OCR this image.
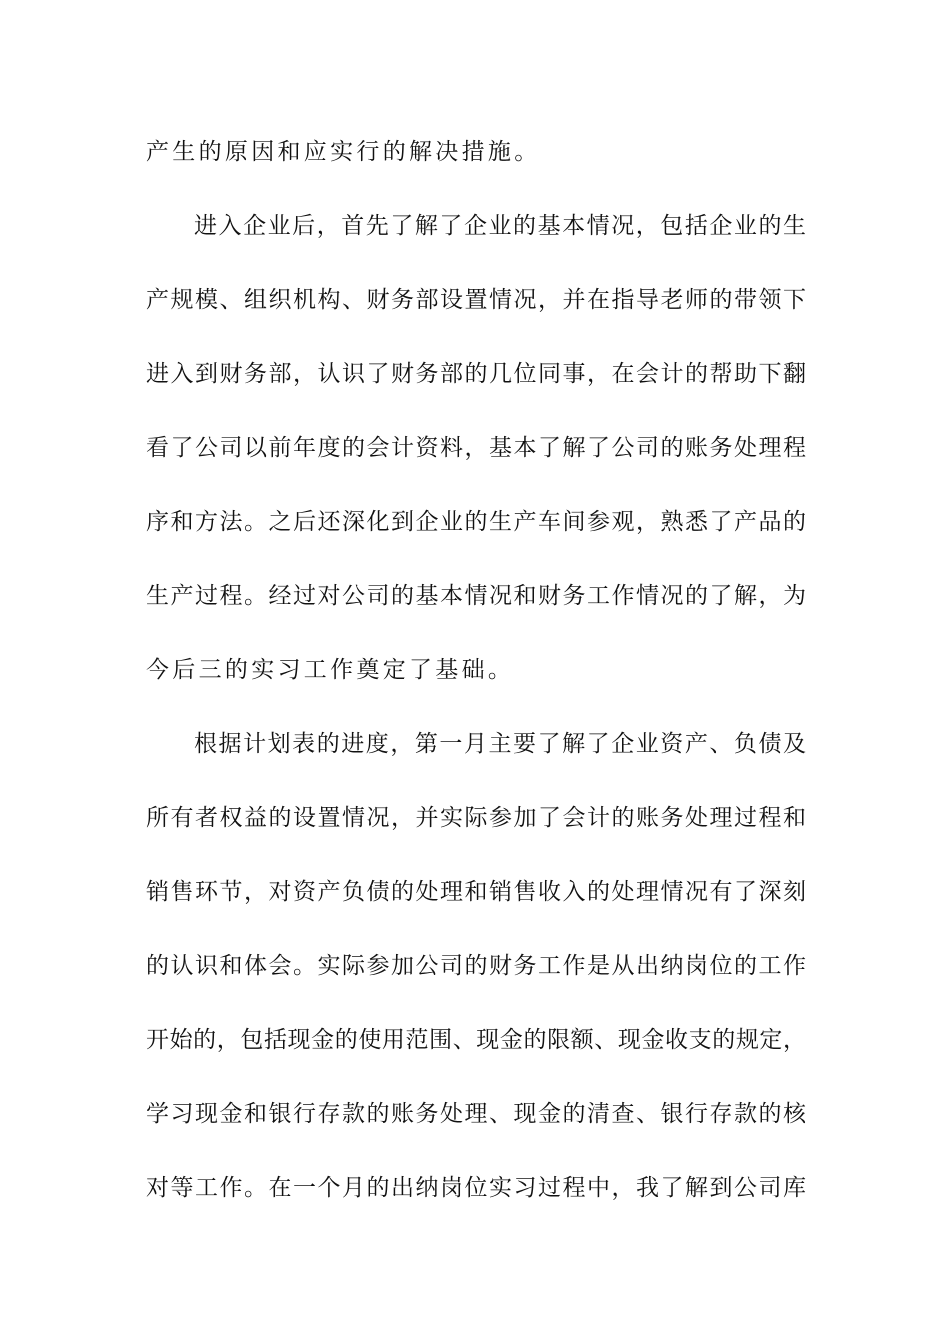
产生的原因和应实行的解决措施。
进入企业后，首先了解了企业的基本情况，包括企业的生
产规模、组织机构、财务部设置情况，并在指导老师的带领下
进入到财务部，认识了财务部的几位同事，在会计的帮助下翻
看了公司以前年度的会计资料，基本了解了公司的账务处理程
序和方法。之后还深化到企业的生产车间参观，熟悉了产品的
生产过程。经过对公司的基本情况和财务工作情况的了解，为
今后三的实习工作奠定了基础。
根据计划表的进度，第一月主要了解了企业资产、负债及
所有者权益的设置情况，并实际参加了会计的账务处理过程和
销售环节，对资产负债的处理和销售收入的处理情况有了深刻
的认识和体会。实际参加公司的财务工作是从出纳岗位的工作
开始的，包括现金的使用范围、现金的限额、现金收支的规定，
学习现金和银行存款的账务处理、现金的清查、银行存款的核
对等工作。在一个月的出纳岗位实习过程中，我了解到公司库
